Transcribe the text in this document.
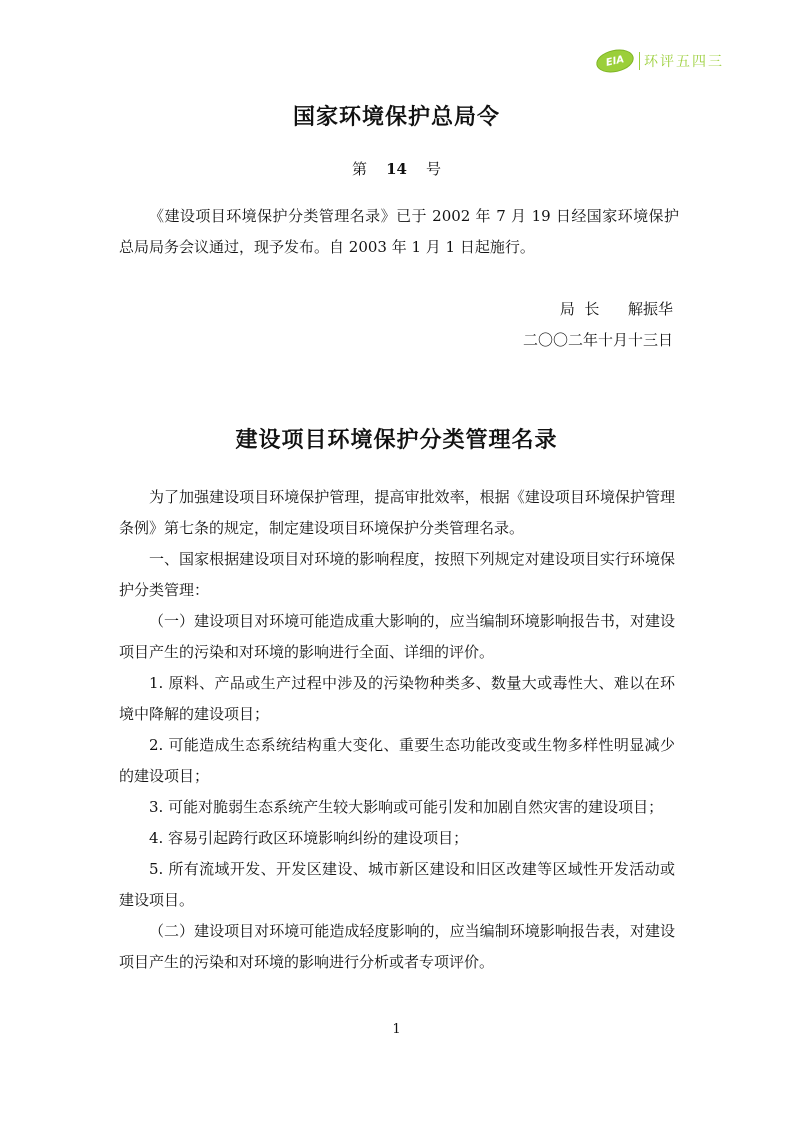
EIA	环评五四三
国家环境保护总局令
第 14 号
《建设项目环境保护分类管理名录》已于 2002 年 7 月 19 日经国家环境保护总局局务会议通过，现予发布。自 2003 年 1 月 1 日起施行。
局  长 解振华
二〇〇二年十月十三日
建设项目环境保护分类管理名录

为了加强建设项目环境保护管理，提高审批效率，根据《建设项目环境保护管理条例》第七条的规定，制定建设项目环境保护分类管理名录。

一、国家根据建设项目对环境的影响程度，按照下列规定对建设项目实行环境保护分类管理：

（一）建设项目对环境可能造成重大影响的，应当编制环境影响报告书，对建设项目产生的污染和对环境的影响进行全面、详细的评价。

1. 原料、产品或生产过程中涉及的污染物种类多、数量大或毒性大、难以在环境中降解的建设项目；

2. 可能造成生态系统结构重大变化、重要生态功能改变或生物多样性明显减少的建设项目；

3. 可能对脆弱生态系统产生较大影响或可能引发和加剧自然灾害的建设项目；

4. 容易引起跨行政区环境影响纠纷的建设项目；

5. 所有流域开发、开发区建设、城市新区建设和旧区改建等区域性开发活动或建设项目。

（二）建设项目对环境可能造成轻度影响的，应当编制环境影响报告表，对建设项目产生的污染和对环境的影响进行分析或者专项评价。

1
